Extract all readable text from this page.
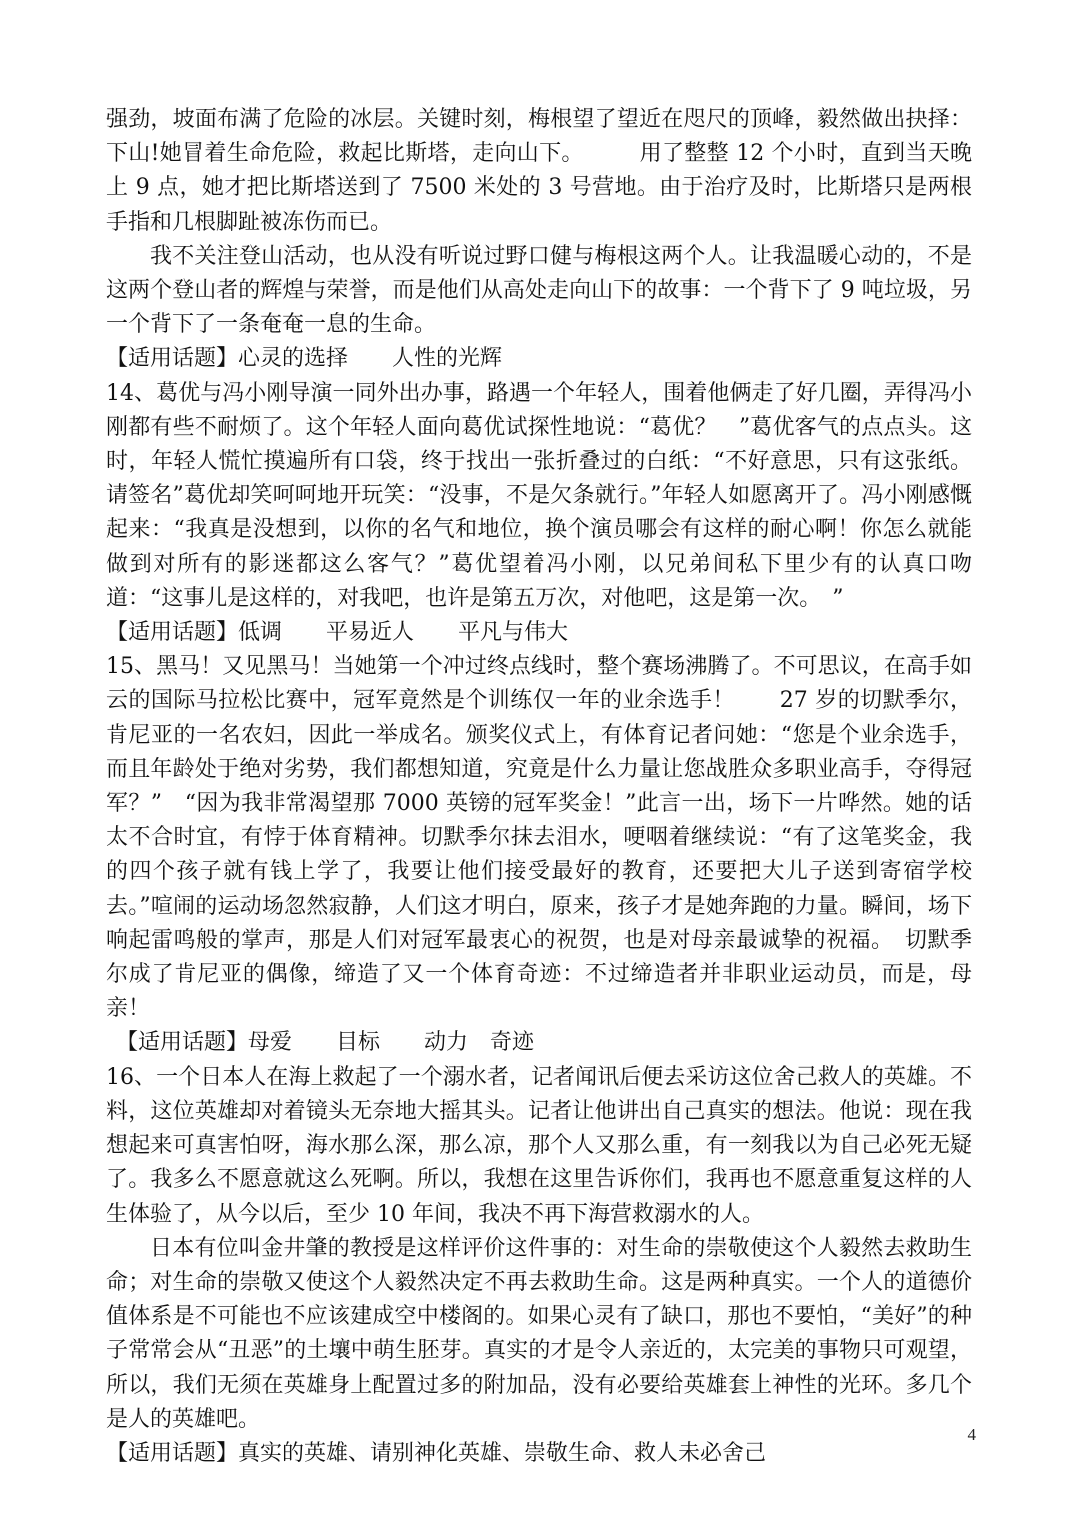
强劲，坡面布满了危险的冰层。关键时刻，梅根望了望近在咫尺的顶峰，毅然做出抉择：下山!她冒着生命危险，救起比斯塔，走向山下。　　　用了整整 12 个小时，直到当天晚上 9 点，她才把比斯塔送到了 7500 米处的 3 号营地。由于治疗及时，比斯塔只是两根手指和几根脚趾被冻伤而已。

我不关注登山活动，也从没有听说过野口健与梅根这两个人。让我温暖心动的，不是这两个登山者的辉煌与荣誉，而是他们从高处走向山下的故事：一个背下了 9 吨垃圾，另一个背下了一条奄奄一息的生命。

【适用话题】心灵的选择　　人性的光辉

14、葛优与冯小刚导演一同外出办事，路遇一个年轻人，围着他俩走了好几圈，弄得冯小刚都有些不耐烦了。这个年轻人面向葛优试探性地说：“葛优？　”葛优客气的点点头。这时，年轻人慌忙摸遍所有口袋，终于找出一张折叠过的白纸：“不好意思，只有这张纸。请签名”葛优却笑呵呵地开玩笑：“没事，不是欠条就行。”年轻人如愿离开了。冯小刚感慨起来：“我真是没想到，以你的名气和地位，换个演员哪会有这样的耐心啊！你怎么就能做到对所有的影迷都这么客气？”葛优望着冯小刚，以兄弟间私下里少有的认真口吻道：“这事儿是这样的，对我吧，也许是第五万次，对他吧，这是第一次。　”

【适用话题】低调　　平易近人　　平凡与伟大

15、黑马！又见黑马！当她第一个冲过终点线时，整个赛场沸腾了。不可思议，在高手如云的国际马拉松比赛中，冠军竟然是个训练仅一年的业余选手！　　27 岁的切默季尔，肯尼亚的一名农妇，因此一举成名。颁奖仪式上，有体育记者问她：“您是个业余选手，而且年龄处于绝对劣势，我们都想知道，究竟是什么力量让您战胜众多职业高手，夺得冠军？”　“因为我非常渴望那 7000 英镑的冠军奖金！”此言一出，场下一片哗然。她的话太不合时宜，有悖于体育精神。切默季尔抹去泪水，哽咽着继续说：“有了这笔奖金，我的四个孩子就有钱上学了，我要让他们接受最好的教育，还要把大儿子送到寄宿学校去。”喧闹的运动场忽然寂静，人们这才明白，原来，孩子才是她奔跑的力量。瞬间，场下响起雷鸣般的掌声，那是人们对冠军最衷心的祝贺，也是对母亲最诚挚的祝福。　切默季尔成了肯尼亚的偶像，缔造了又一个体育奇迹：不过缔造者并非职业运动员，而是，母亲！

【适用话题】母爱　　目标　　动力　奇迹

16、一个日本人在海上救起了一个溺水者，记者闻讯后便去采访这位舍己救人的英雄。不料，这位英雄却对着镜头无奈地大摇其头。记者让他讲出自己真实的想法。他说：现在我想起来可真害怕呀，海水那么深，那么凉，那个人又那么重，有一刻我以为自己必死无疑了。我多么不愿意就这么死啊。所以，我想在这里告诉你们，我再也不愿意重复这样的人生体验了，从今以后，至少 10 年间，我决不再下海营救溺水的人。

日本有位叫金井肇的教授是这样评价这件事的：对生命的崇敬使这个人毅然去救助生命；对生命的崇敬又使这个人毅然决定不再去救助生命。这是两种真实。一个人的道德价值体系是不可能也不应该建成空中楼阁的。如果心灵有了缺口，那也不要怕，“美好”的种子常常会从“丑恶”的土壤中萌生胚芽。真实的才是令人亲近的，太完美的事物只可观望，所以，我们无须在英雄身上配置过多的附加品，没有必要给英雄套上神性的光环。多几个是人的英雄吧。

【适用话题】真实的英雄、请别神化英雄、崇敬生命、救人未必舍己

4
